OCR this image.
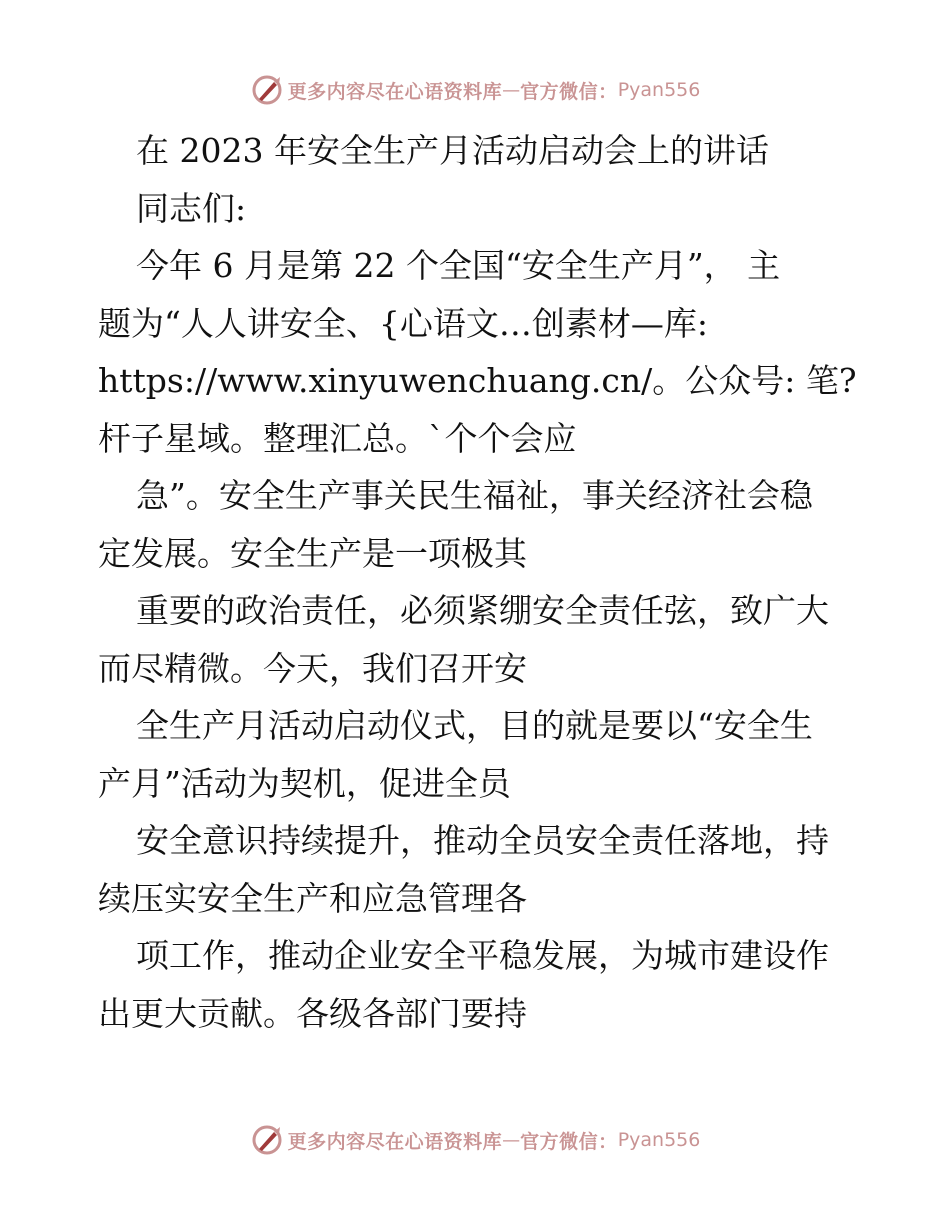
更多内容尽在心语资料库 — 官方微信： Pyan556
在 2023 年安全生产月活动启动会上的讲话
同志们:
今年 6 月是第 22 个全国“安全生产月”， 主
题为“人人讲安全、{心语文…创素材—库:
https://www.xinyuwenchuang.cn/。公众号: 笔?
杆子星域。整理汇总。`个个会应
急”。安全生产事关民生福祉，事关经济社会稳
定发展。安全生产是一项极其
重要的政治责任，必须紧绷安全责任弦，致广大
而尽精微。今天，我们召开安
全生产月活动启动仪式，目的就是要以“安全生
产月”活动为契机，促进全员
安全意识持续提升，推动全员安全责任落地，持
续压实安全生产和应急管理各
项工作，推动企业安全平稳发展，为城市建设作
出更大贡献。各级各部门要持
更多内容尽在心语资料库 — 官方微信： Pyan556
